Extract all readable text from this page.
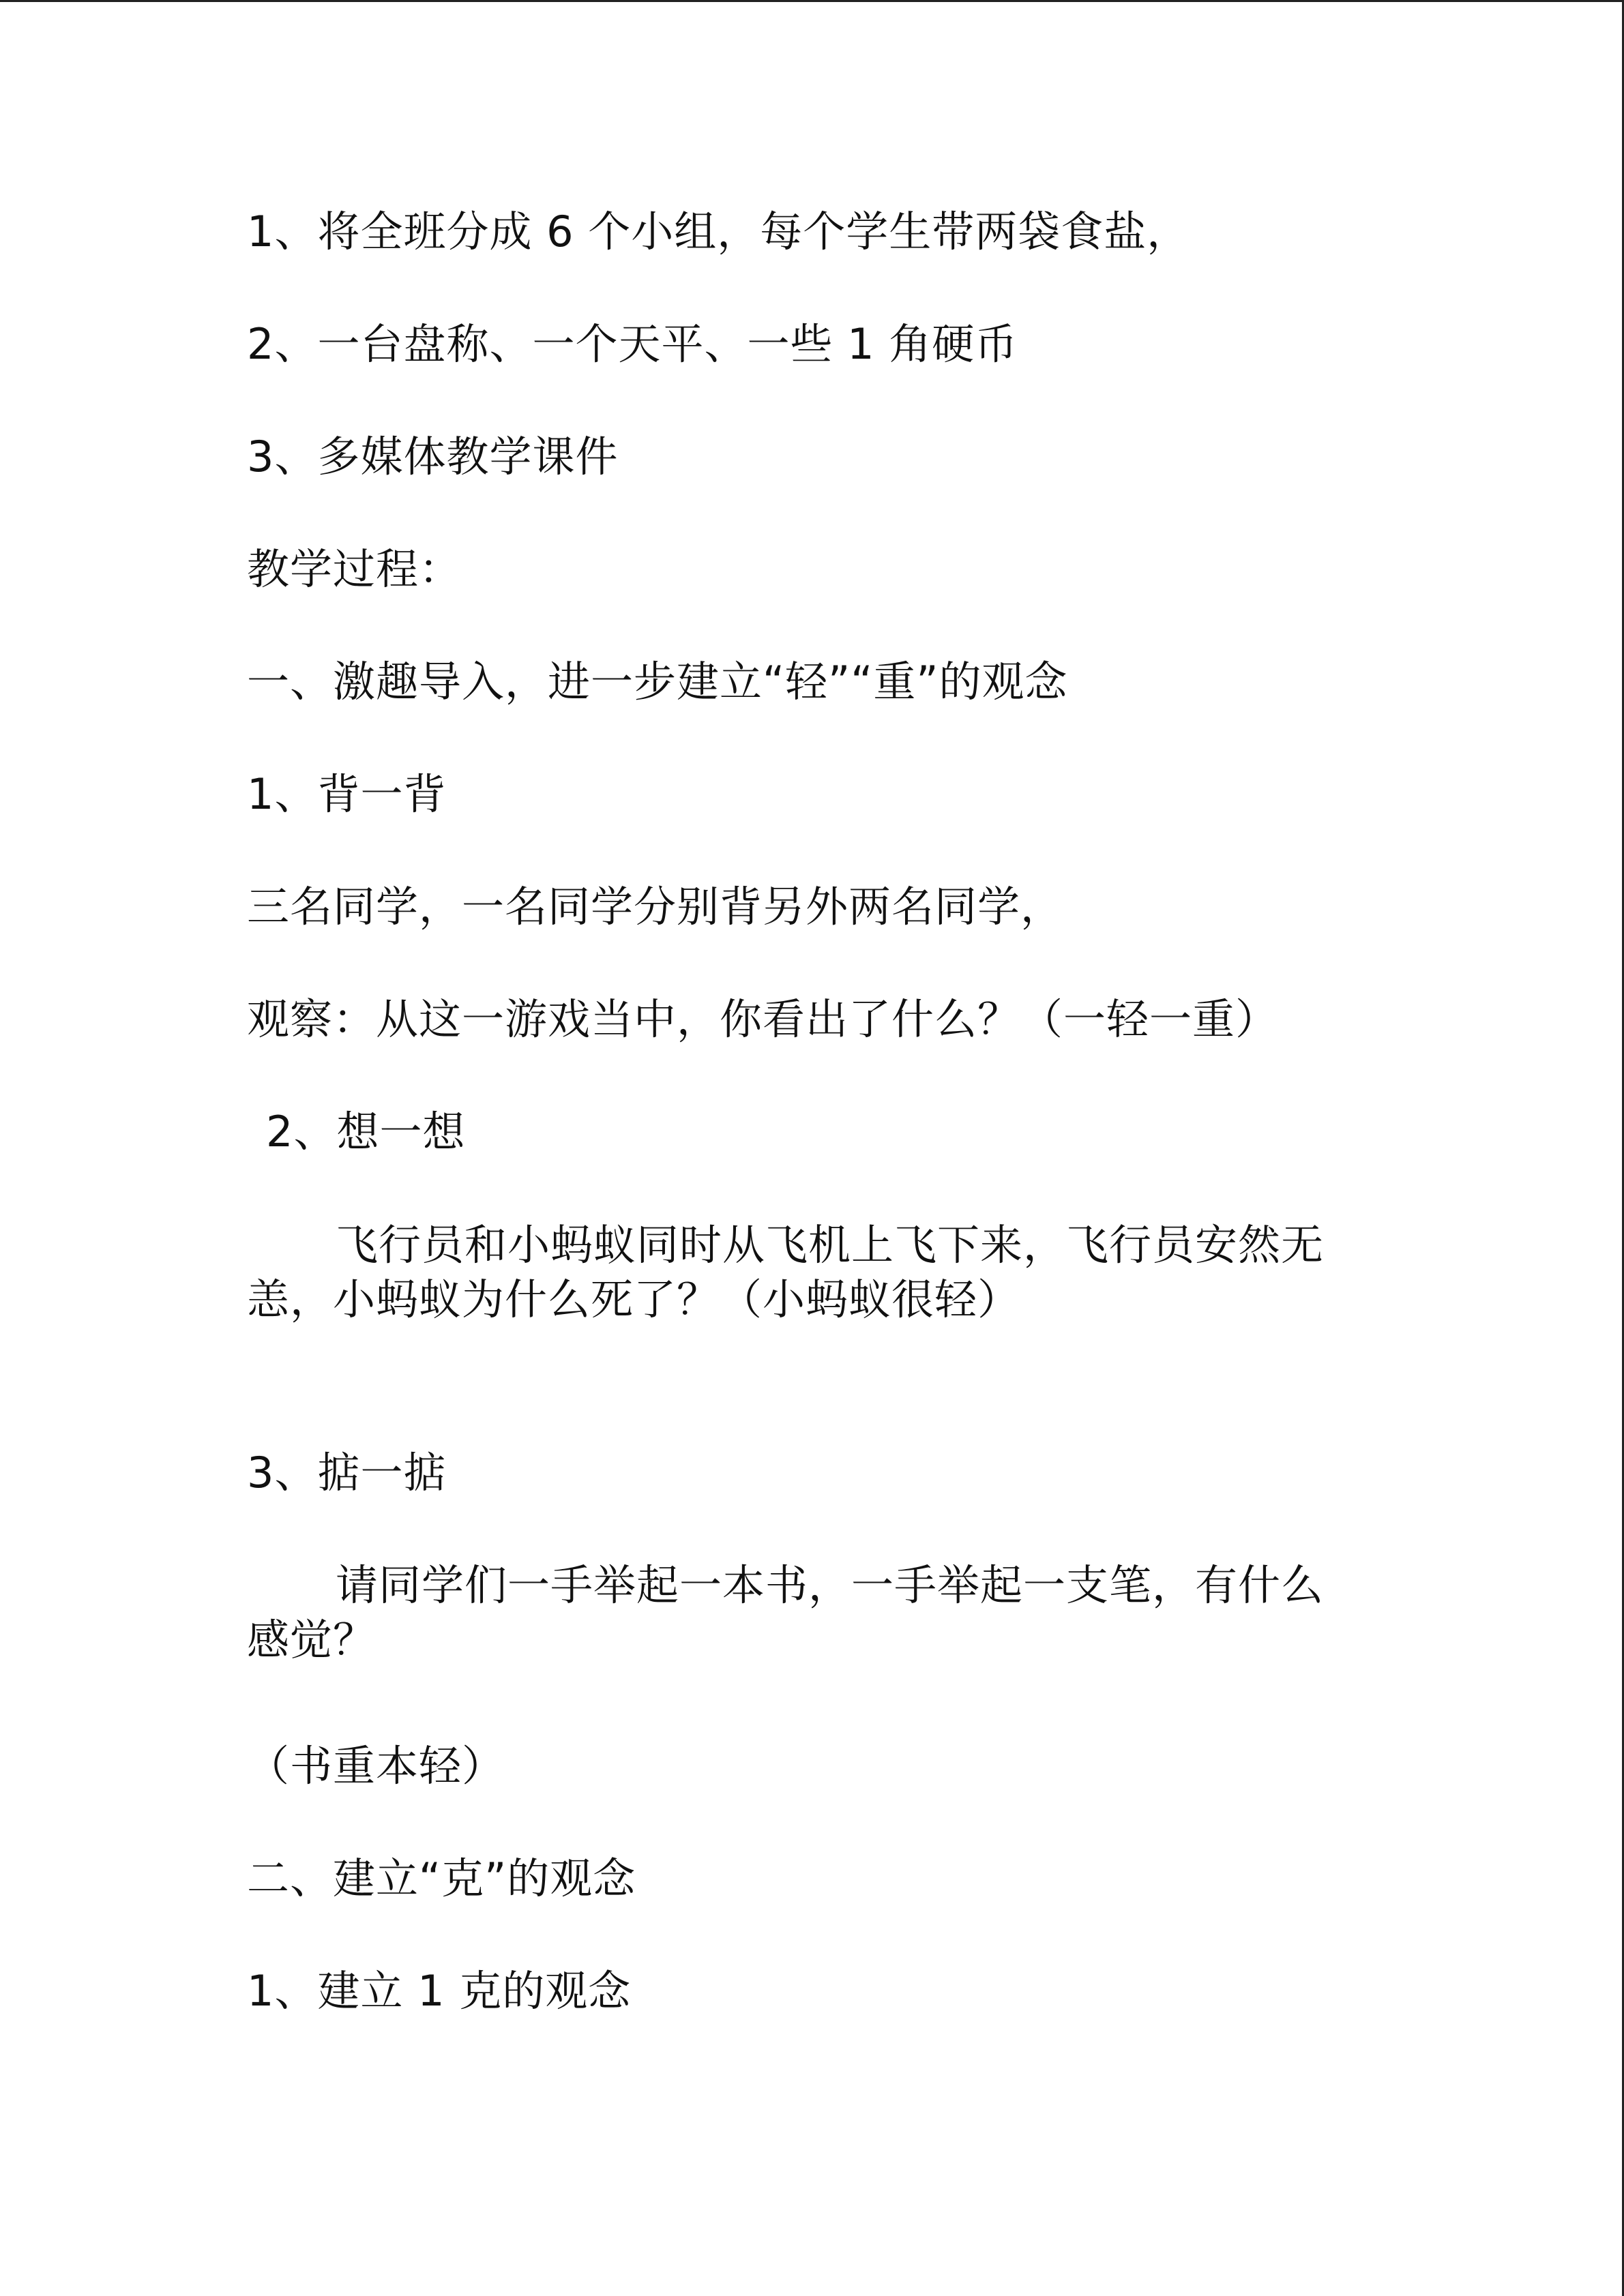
1、将全班分成 6 个小组，每个学生带两袋食盐，
2、一台盘称、一个天平、一些 1 角硬币
3、多媒体教学课件
教学过程：
一、激趣导入，进一步建立“轻”“重”的观念
1、背一背
三名同学，一名同学分别背另外两名同学，
观察：从这一游戏当中，你看出了什么？（一轻一重）
2、想一想
飞行员和小蚂蚁同时从飞机上飞下来，飞行员安然无恙，小蚂蚁为什么死了？（小蚂蚁很轻）
3、掂一掂
请同学们一手举起一本书，一手举起一支笔，有什么感觉？
（书重本轻）
二、建立“克”的观念
1、建立 1 克的观念
